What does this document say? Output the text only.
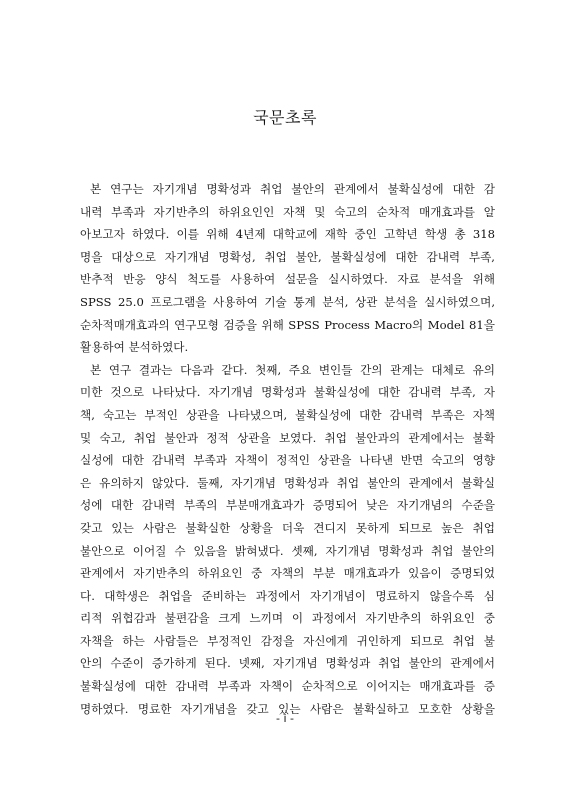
국문초록
본 연구는 자기개념 명확성과 취업 불안의 관계에서 불확실성에 대한 감
내력 부족과 자기반추의 하위요인인 자책 및 숙고의 순차적 매개효과를 알
아보고자 하였다. 이를 위해 4년제 대학교에 재학 중인 고학년 학생 총 318
명을 대상으로 자기개념 명확성, 취업 불안, 불확실성에 대한 감내력 부족,
반추적 반응 양식 척도를 사용하여 설문을 실시하였다. 자료 분석을 위해
SPSS 25.0 프로그램을 사용하여 기술 통계 분석, 상관 분석을 실시하였으며,
순차적매개효과의 연구모형 검증을 위해 SPSS Process Macro의 Model 81을
활용하여 분석하였다.
본 연구 결과는 다음과 같다. 첫째, 주요 변인들 간의 관계는 대체로 유의
미한 것으로 나타났다. 자기개념 명확성과 불확실성에 대한 감내력 부족, 자
책, 숙고는 부적인 상관을 나타냈으며, 불확실성에 대한 감내력 부족은 자책
및 숙고, 취업 불안과 정적 상관을 보였다. 취업 불안과의 관계에서는 불확
실성에 대한 감내력 부족과 자책이 정적인 상관을 나타낸 반면 숙고의 영향
은 유의하지 않았다. 둘째, 자기개념 명확성과 취업 불안의 관계에서 불확실
성에 대한 감내력 부족의 부분매개효과가 증명되어 낮은 자기개념의 수준을
갖고 있는 사람은 불확실한 상황을 더욱 견디지 못하게 되므로 높은 취업
불안으로 이어질 수 있음을 밝혀냈다. 셋째, 자기개념 명확성과 취업 불안의
관계에서 자기반추의 하위요인 중 자책의 부분 매개효과가 있음이 증명되었
다. 대학생은 취업을 준비하는 과정에서 자기개념이 명료하지 않을수록 심
리적 위협감과 불편감을 크게 느끼며 이 과정에서 자기반추의 하위요인 중
자책을 하는 사람들은 부정적인 감정을 자신에게 귀인하게 되므로 취업 불
안의 수준이 증가하게 된다. 넷째, 자기개념 명확성과 취업 불안의 관계에서
불확실성에 대한 감내력 부족과 자책이 순차적으로 이어지는 매개효과를 증
명하였다. 명료한 자기개념을 갖고 있는 사람은 불확실하고 모호한 상황을
- i -
